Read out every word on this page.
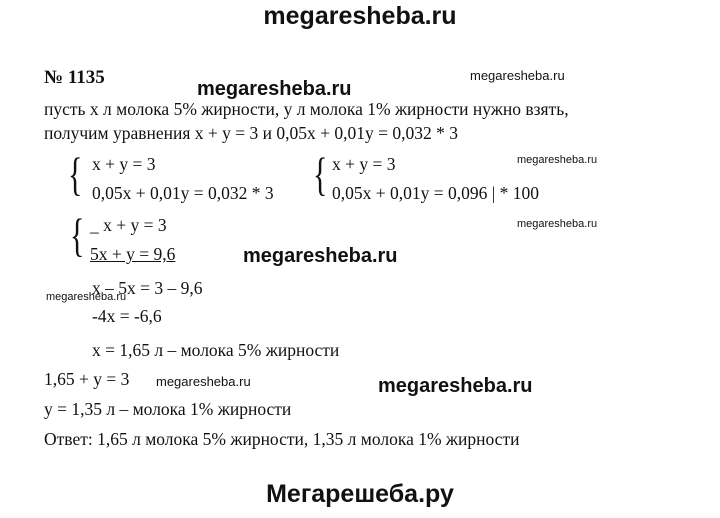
megaresheba.ru
№ 1135
megaresheba.ru
megaresheba.ru
пусть х л молока 5% жирности, у л молока 1% жирности нужно взять,
получим уравнения х + у = 3 и 0,05х + 0,01у = 0,032 * 3
{ х + у = 3
0,05х + 0,01у = 0,032 * 3 { х + у = 3
0,05х + 0,01у = 0,096 | * 100
megaresheba.ru
{ _ х + у = 3
5х + у = 9,6
megaresheba.ru
megaresheba.ru
megaresheba.ru
х – 5х = 3 – 9,6
-4х = -6,6
х = 1,65 л – молока 5% жирности
1,65 + у = 3 megaresheba.ru	megaresheba.ru
у = 1,35 л – молока 1% жирности
Ответ: 1,65 л молока 5% жирности, 1,35 л молока 1% жирности
Мегарешеба.ру
